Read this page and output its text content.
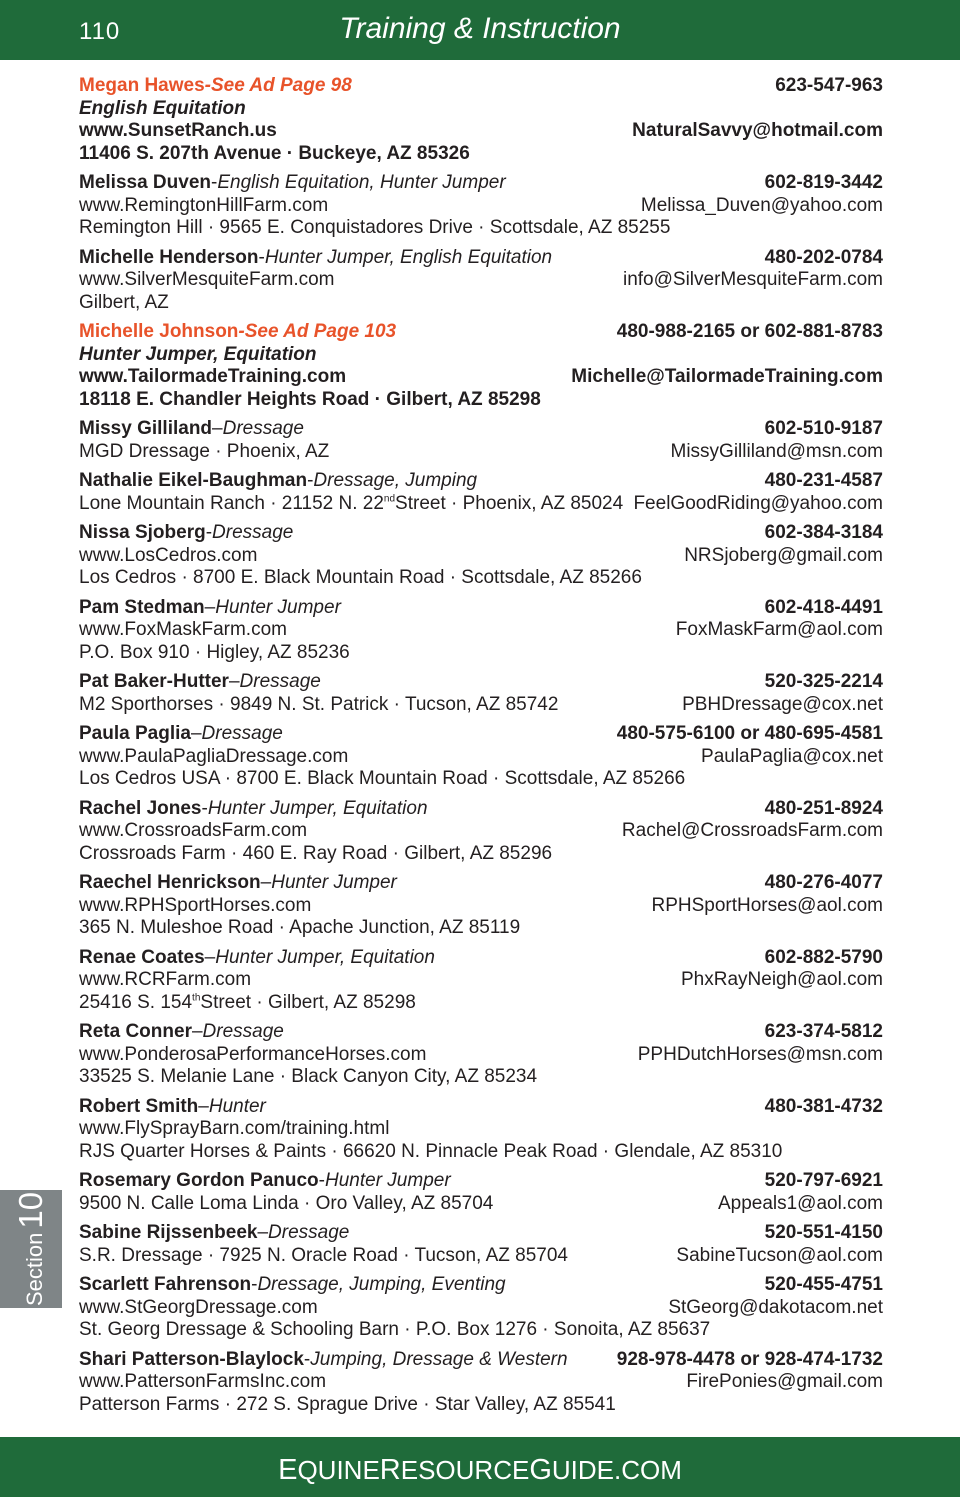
110	Training & Instruction
Section10
Megan Hawes-See Ad Page 98	623-547-963
English Equitation
www.SunsetRanch.us	NaturalSavvy@hotmail.com
11406 S. 207th Avenue · Buckeye, AZ 85326
Melissa Duven-English Equitation, Hunter Jumper	602-819-3442
www.RemingtonHillFarm.com	Melissa_Duven@yahoo.com
Remington Hill · 9565 E. Conquistadores Drive · Scottsdale, AZ 85255
Michelle Henderson-Hunter Jumper, English Equitation	480-202-0784
www.SilverMesquiteFarm.com	info@SilverMesquiteFarm.com
Gilbert, AZ
Michelle Johnson-See Ad Page 103	480-988-2165 or 602-881-8783
Hunter Jumper, Equitation
www.TailormadeTraining.com	Michelle@TailormadeTraining.com
18118 E. Chandler Heights Road · Gilbert, AZ 85298
Missy Gilliland–Dressage	602-510-9187
MGD Dressage · Phoenix, AZ	MissyGilliland@msn.com
Nathalie Eikel-Baughman-Dressage, Jumping	480-231-4587
Lone Mountain Ranch · 21152 N. 22ndStreet · Phoenix, AZ 85024 FeelGoodRiding@yahoo.com
Nissa Sjoberg-Dressage	602-384-3184
www.LosCedros.com	NRSjoberg@gmail.com
Los Cedros · 8700 E. Black Mountain Road · Scottsdale, AZ 85266
Pam Stedman–Hunter Jumper	602-418-4491
www.FoxMaskFarm.com	FoxMaskFarm@aol.com
P.O. Box 910 · Higley, AZ 85236
Pat Baker-Hutter–Dressage	520-325-2214
M2 Sporthorses · 9849 N. St. Patrick · Tucson, AZ 85742	PBHDressage@cox.net
Paula Paglia–Dressage	480-575-6100 or 480-695-4581
www.PaulaPagliaDressage.com	PaulaPaglia@cox.net
Los Cedros USA · 8700 E. Black Mountain Road · Scottsdale, AZ 85266
Rachel Jones-Hunter Jumper, Equitation	480-251-8924
www.CrossroadsFarm.com	Rachel@CrossroadsFarm.com
Crossroads Farm · 460 E. Ray Road · Gilbert, AZ 85296
Raechel Henrickson–Hunter Jumper	480-276-4077
www.RPHSportHorses.com	RPHSportHorses@aol.com
365 N. Muleshoe Road · Apache Junction, AZ 85119
Renae Coates–Hunter Jumper, Equitation	602-882-5790
www.RCRFarm.com	PhxRayNeigh@aol.com
25416 S. 154thStreet · Gilbert, AZ 85298
Reta Conner–Dressage	623-374-5812
www.PonderosaPerformanceHorses.com	PPHDutchHorses@msn.com
33525 S. Melanie Lane · Black Canyon City, AZ 85234
Robert Smith–Hunter	480-381-4732
www.FlySprayBarn.com/training.html
RJS Quarter Horses & Paints · 66620 N. Pinnacle Peak Road · Glendale, AZ 85310
Rosemary Gordon Panuco-Hunter Jumper	520-797-6921
9500 N. Calle Loma Linda · Oro Valley, AZ 85704	Appeals1@aol.com
Sabine Rijssenbeek–Dressage	520-551-4150
S.R. Dressage · 7925 N. Oracle Road · Tucson, AZ 85704	SabineTucson@aol.com
Scarlett Fahrenson-Dressage, Jumping, Eventing	520-455-4751
www.StGeorgDressage.com	StGeorg@dakotacom.net
St. Georg Dressage & Schooling Barn · P.O. Box 1276 · Sonoita, AZ 85637
Shari Patterson-Blaylock-Jumping, Dressage & Western	928-978-4478 or 928-474-1732
www.PattersonFarmsInc.com	FirePonies@gmail.com
Patterson Farms · 272 S. Sprague Drive · Star Valley, AZ 85541
EQUINERESOURCEGUIDE.COM
